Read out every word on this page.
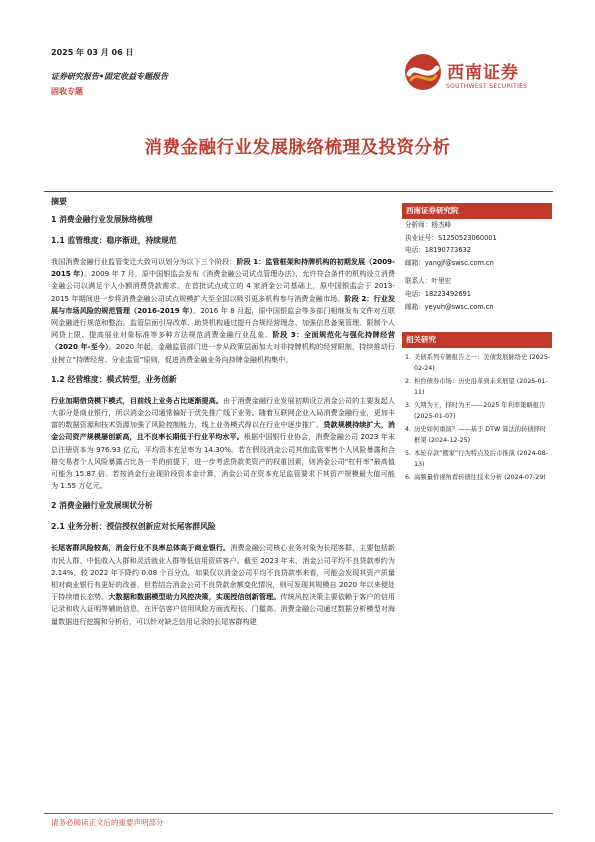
2025 年 03 月 06 日
证券研究报告•固定收益专题报告
固收专题
西南证券
SOUTHWEST SECURITIES
消费金融行业发展脉络梳理及投资分析
摘要
1 消费金融行业发展脉络梳理
1.1 监管维度：稳序渐进，持续规范
我国消费金融行业监管变迁大致可以划分为以下三个阶段：阶段 1：监管框架和持牌机构的初期发展（2009-2015 年）。2009 年 7 月，原中国银监会发布《消费金融公司试点管理办法》，允许符合条件的机构设立消费金融公司以满足个人小额消费贷款需求。在首批试点成立的 4 家消金公司基础上，原中国银监会于 2013-2015 年期间进一步将消费金融公司试点规模扩大至全国以吸引更多机构参与消费金融市场。阶段 2：行业发展与市场风险的规范管理（2016-2019 年）。2016 年 8 月起，原中国银监会等多部门相继发布文件对互联网金融进行规范和整治。监管层面引导改革、助贷机构通过提升合规经营理念、加强信息备案管理、限制个人网贷上限、提高展业对象标准等多种方法规范消费金融行业乱象。阶段 3：全面规范化与强化持牌经营（2020 年-至今）。2020 年起，金融监管部门进一步从政策层面加大对非持牌机构的经营限制，持续推动行业树立“持牌经营、分业监管”原则，促进消费金融业务向持牌金融机构集中。
1.2 经营维度：模式转型，业务创新
行业加期借贷模下模式，目前线上业务占比逐渐提高。由于消费金融行业发展初期设立消金公司的主要发起人大部分是商业银行，所以消金公司通常偏好于优先推广线下业务。随着互联网企业入局消费金融行业，更加丰富的数据资源和技术资源加强了风险控制能力，线上业务模式得以在行业中逐步推广。贷款规模持续扩大，消金公司资产规模屡创新高，且不良率长期低于行业平均水平。根据中国银行业协会，消费金融公司 2023 年末总注册资本为 976.93 亿元，平均资本充足率为 14.30%。若在假设消金公司其他监管零售个人风险暴露和合格交易者个人风险暴露占比各一半的前提下，进一步考虑贷款类资产的权重因素，则消金公司“杠杆率”最高值可能为 15.87 倍。若按消金行业现阶段资本金计算，消金公司在资本充足监管要求下其资产规模最大值可能为 1.55 万亿元。
2 消费金融行业发展现状分析
2.1 业务分析：授信授权创新应对长尾客群风险
长尾客群风险较高，消金行业不良率总体高于商业银行。消费金融公司核心业务对象为长尾客群，主要包括新市民人群、中低收入人群和灵活就业人群等低信用资质客户。截至 2023 年末，消金公司平均不良贷款率约为 2.14%，较 2022 年下降约 0.08 个百分点。如果仅以消金公司平均不良贷款率来看，可能会发现其资产质量相对商业银行有更好的改善，但若结合消金公司不良贷款余额变化情况，则可发现其规模自 2020 年以来便处于持续增长态势。大数据和数据模型助力风控决策，实现授信创新管理。传统风控决策主要依赖于客户的信用记录和收入证明等辅助信息，在评估客户信用风险方面流程长、门槛高。消费金融公司通过数据分析模型对海量数据进行挖掘和分析后，可以针对缺乏信用记录的长尾客群构建
西南证券研究院
分析师：杨杰峰
执业证号：S1250523060001
电话：18190773632
邮箱：yangjf@swsc.com.cn
联系人：叶里宏
电话：18223492691
邮箱：yeyuh@swsc.com.cn
相关研究
1. 美债系列专题报告之一：美债发展脉络史 (2025-02-24)
2. 柜台债券市场：历史沿革到未来展望 (2025-01-11)
3. 久期为王，择时为王——2025 年利率策略报告 (2025-01-07)
4. 历史如何重演？——基于 DTW 算法的转债择时框架 (2024-12-25)
5. 本轮存款“搬家”行为特点及后市推演 (2024-08-13)
6. 高频量价视角看转债往技术分析 (2024-07-29)
请务必阅读正文后的重要声明部分
